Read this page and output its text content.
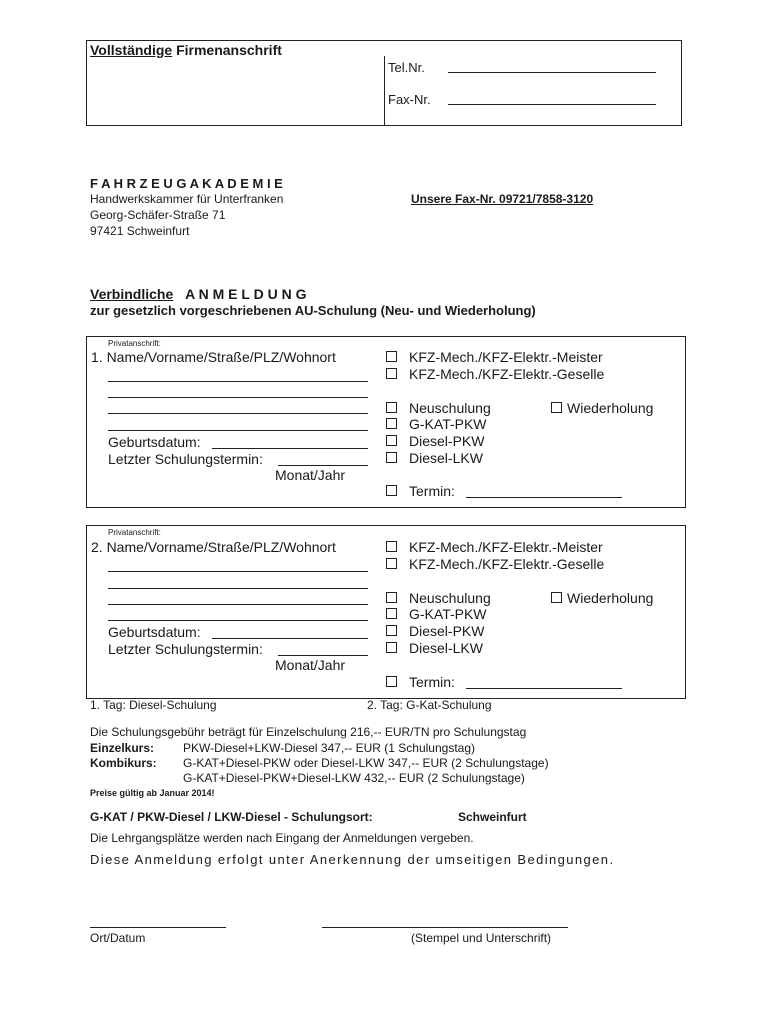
Vollständige Firmenanschrift
Tel.Nr.
Fax-Nr.
F A H R Z E U G A K A D E M I E
Handwerkskammer für Unterfranken
Georg-Schäfer-Straße 71
97421 Schweinfurt
Unsere Fax-Nr. 09721/7858-3120
Verbindliche A N M E L D U N G
zur gesetzlich vorgeschriebenen AU-Schulung (Neu- und Wiederholung)
Privatanschrift:
1. Name/Vorname/Straße/PLZ/Wohnort
Geburtsdatum:
Letzter Schulungstermin:
Monat/Jahr
KFZ-Mech./KFZ-Elektr.-Meister
KFZ-Mech./KFZ-Elektr.-Geselle
Neuschulung	Wiederholung
G-KAT-PKW
Diesel-PKW
Diesel-LKW
Termin:
Privatanschrift:
2. Name/Vorname/Straße/PLZ/Wohnort
Geburtsdatum:
Letzter Schulungstermin:
Monat/Jahr
KFZ-Mech./KFZ-Elektr.-Meister
KFZ-Mech./KFZ-Elektr.-Geselle
Neuschulung	Wiederholung
G-KAT-PKW
Diesel-PKW
Diesel-LKW
Termin:
1. Tag: Diesel-Schulung	2. Tag: G-Kat-Schulung
Die Schulungsgebühr beträgt für Einzelschulung 216,-- EUR/TN pro Schulungstag
Einzelkurs: PKW-Diesel+LKW-Diesel 347,-- EUR (1 Schulungstag)
Kombikurs: G-KAT+Diesel-PKW oder Diesel-LKW 347,-- EUR (2 Schulungstage)
G-KAT+Diesel-PKW+Diesel-LKW 432,-- EUR (2 Schulungstage)
Preise gültig ab Januar 2014!
G-KAT / PKW-Diesel / LKW-Diesel - Schulungsort:	Schweinfurt
Die Lehrgangsplätze werden nach Eingang der Anmeldungen vergeben.
Diese Anmeldung erfolgt unter Anerkennung der umseitigen Bedingungen.
Ort/Datum	(Stempel und Unterschrift)
